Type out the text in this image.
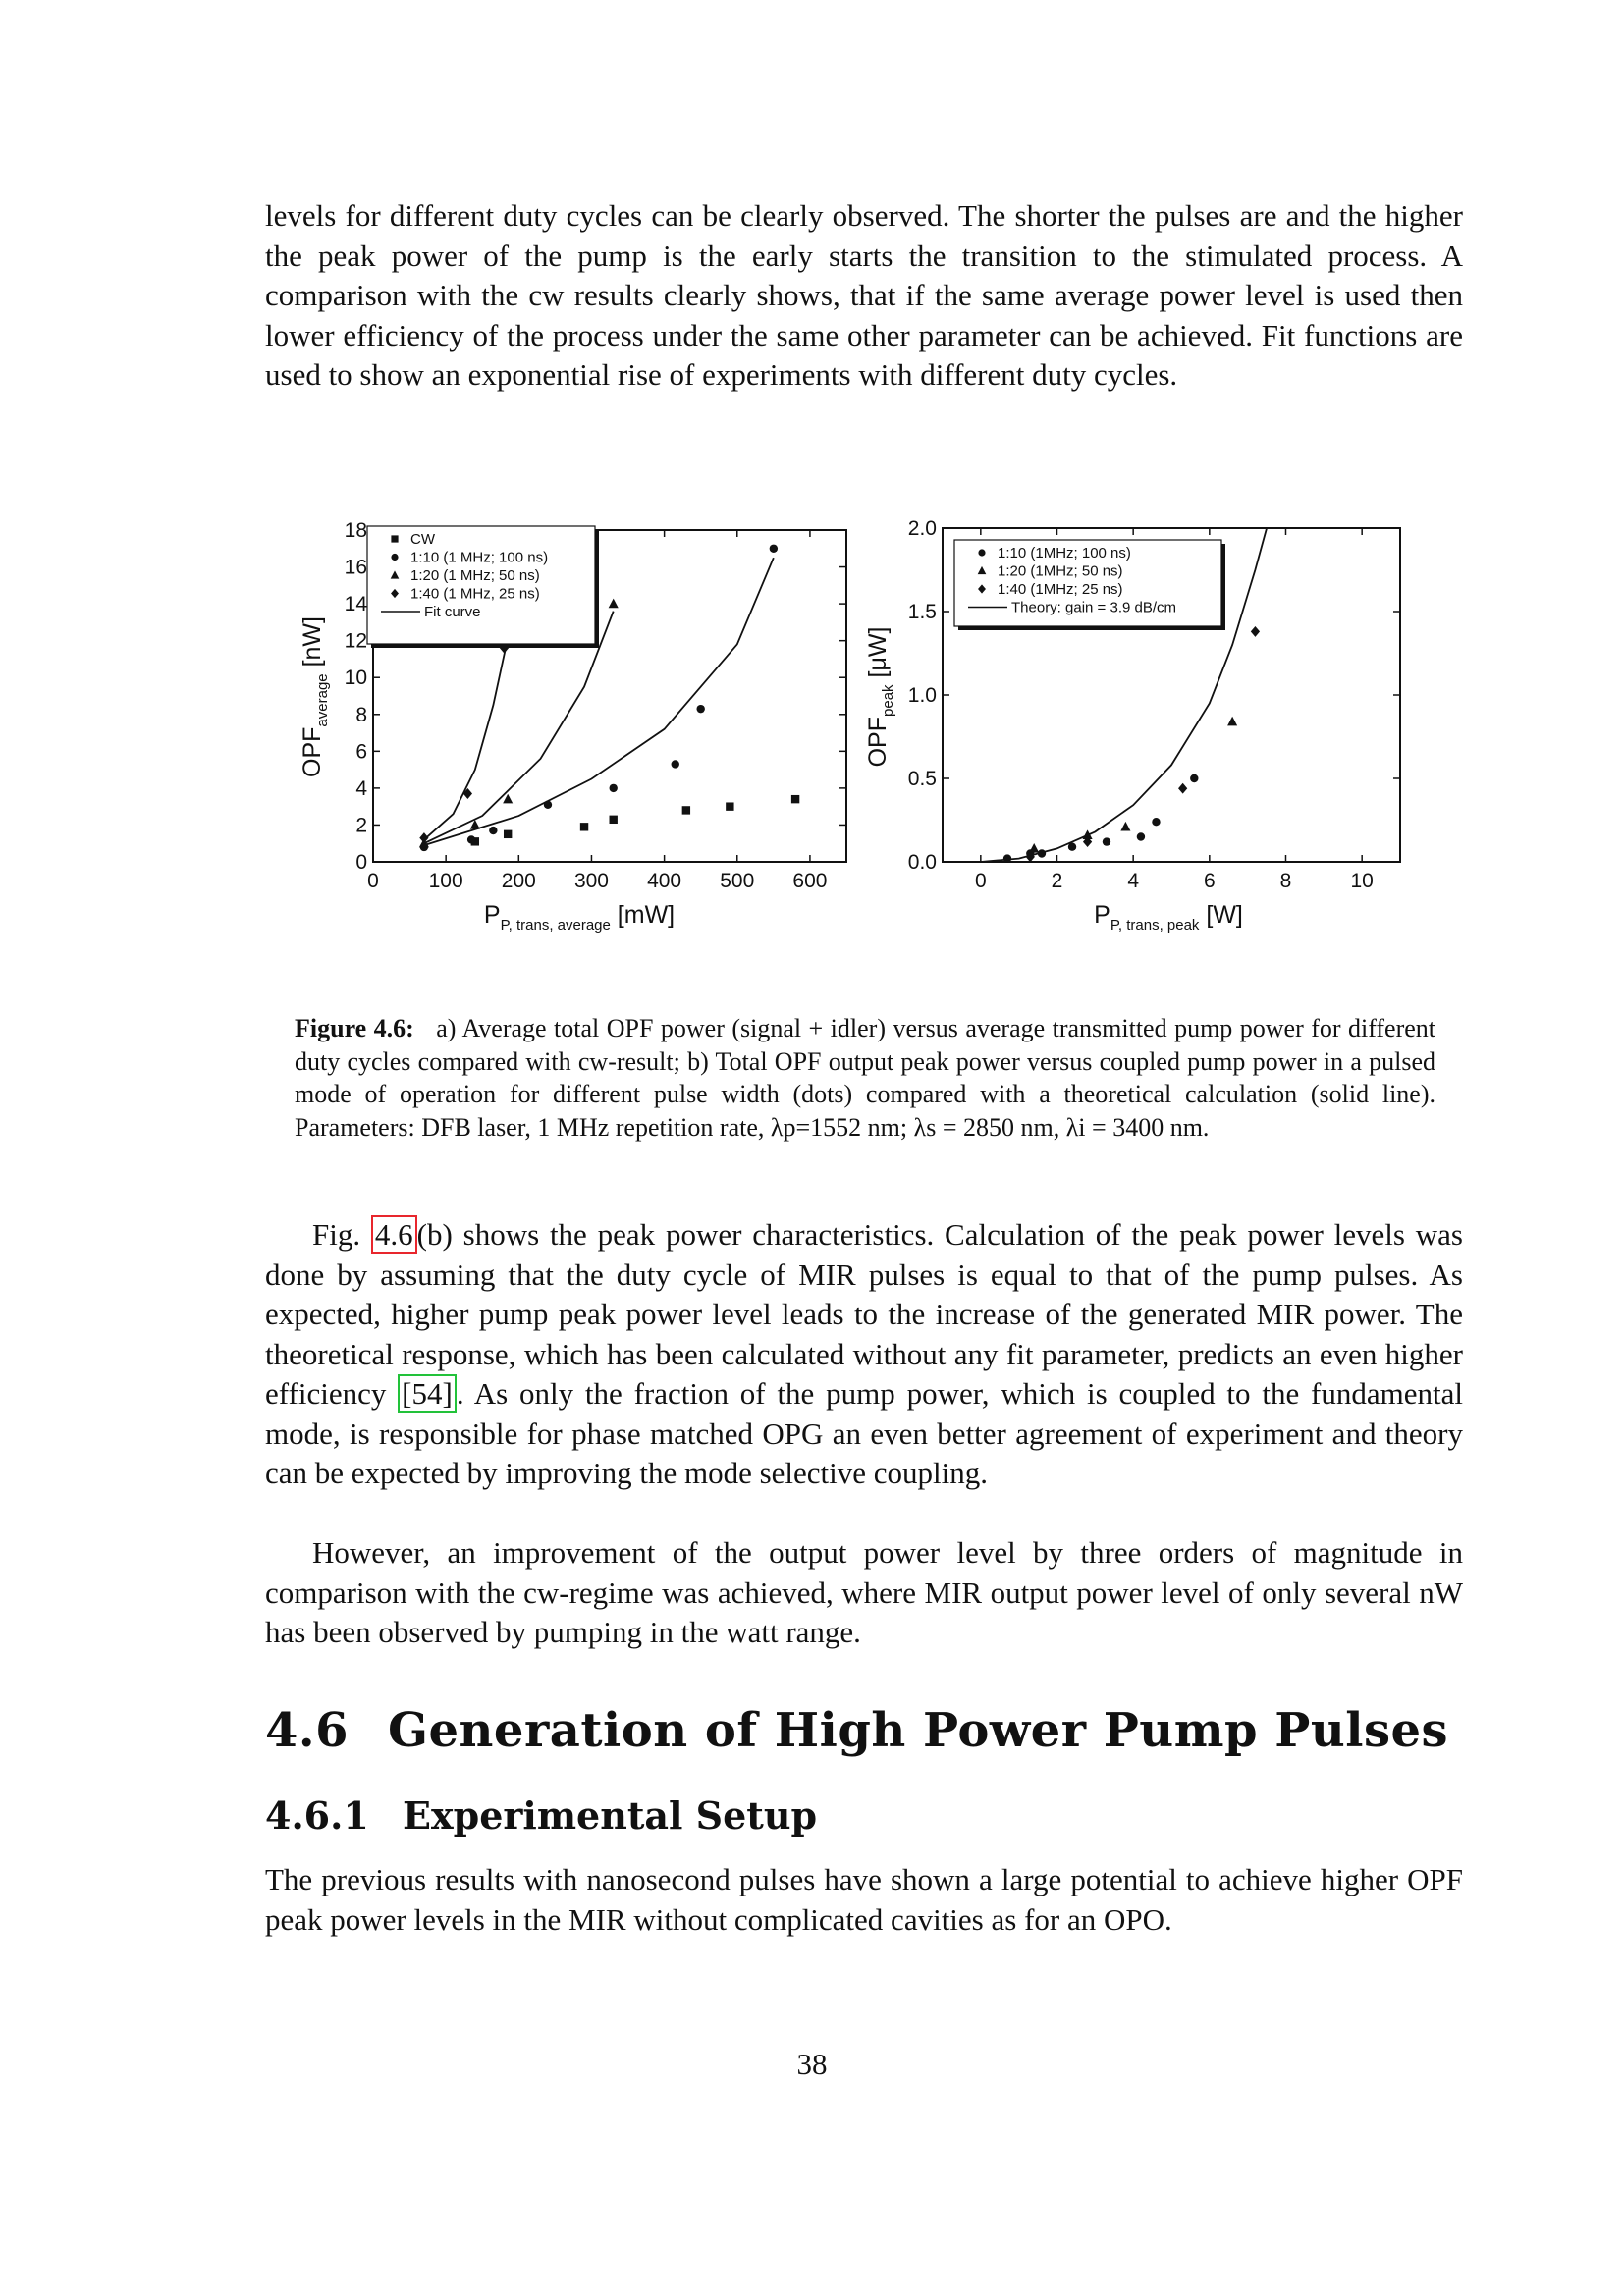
levels for different duty cycles can be clearly observed. The shorter the pulses are and the higher the peak power of the pump is the early starts the transition to the stimulated process. A comparison with the cw results clearly shows, that if the same average power level is used then lower efficiency of the process under the same other parameter can be achieved. Fit functions are used to show an exponential rise of experiments with different duty cycles.
0 100 200 300 400 500 600
0
2
4
6
8
10
12
14
16
18
$P_{P, trans, average}$ [mW]
$OPF_{average}$ [nW]
CW
1:10 (1 MHz; 100 ns)
1:20 (1 MHz; 50 ns)
1:40 (1 MHz, 25 ns)
Fit curve
0	2	4	6	8	10
0.0
0.5
1.0
1.5
2.0
$P_{P, trans, peak}$ [W]
$OPF_{peak}$ [μW]
1:10 (1MHz; 100 ns)
1:20 (1MHz; 50 ns)
1:40 (1MHz; 25 ns)
Theory: gain = 3.9 dB/cm
Figure 4.6: a) Average total OPF power (signal + idler) versus average transmitted pump power for different duty cycles compared with cw-result; b) Total OPF output peak power versus coupled pump power in a pulsed mode of operation for different pulse width (dots) compared with a theoretical calculation (solid line). Parameters: DFB laser, 1 MHz repetition rate, λp=1552 nm; λs = 2850 nm, λi = 3400 nm.
Fig. 4.6 (b) shows the peak power characteristics. Calculation of the peak power levels was done by assuming that the duty cycle of MIR pulses is equal to that of the pump pulses. As expected, higher pump peak power level leads to the increase of the generated MIR power. The theoretical response, which has been calculated without any fit parameter, predicts an even higher efficiency [54] . As only the fraction of the pump power, which is coupled to the fundamental mode, is responsible for phase matched OPG an even better agreement of experiment and theory can be expected by improving the mode selective coupling.
However, an improvement of the output power level by three orders of magnitude in comparison with the cw-regime was achieved, where MIR output power level of only several nW has been observed by pumping in the watt range.
4.6 Generation of High Power Pump Pulses
4.6.1 Experimental Setup
The previous results with nanosecond pulses have shown a large potential to achieve higher OPF peak power levels in the MIR without complicated cavities as for an OPO.
38
